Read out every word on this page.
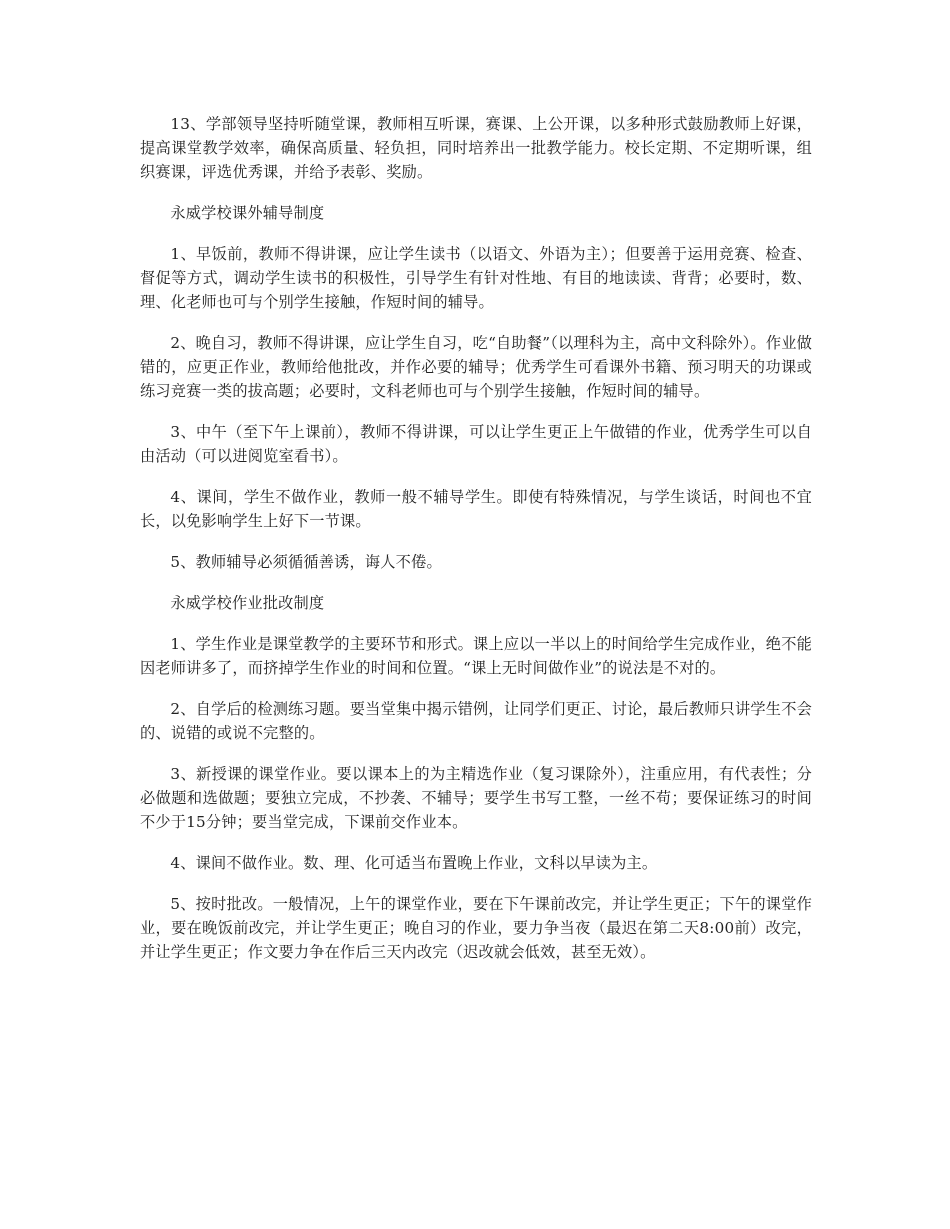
13、学部领导坚持听随堂课，教师相互听课，赛课、上公开课，以多种形式鼓励教师上好课，提高课堂教学效率，确保高质量、轻负担，同时培养出一批教学能力。校长定期、不定期听课，组织赛课，评选优秀课，并给予表彰、奖励。

永威学校课外辅导制度

1、早饭前，教师不得讲课，应让学生读书（以语文、外语为主）；但要善于运用竞赛、检查、督促等方式，调动学生读书的积极性，引导学生有针对性地、有目的地读读、背背；必要时，数、理、化老师也可与个别学生接触，作短时间的辅导。

2、晚自习，教师不得讲课，应让学生自习，吃“自助餐”（以理科为主，高中文科除外）。作业做错的，应更正作业，教师给他批改，并作必要的辅导；优秀学生可看课外书籍、预习明天的功课或练习竞赛一类的拔高题；必要时，文科老师也可与个别学生接触，作短时间的辅导。

3、中午（至下午上课前），教师不得讲课，可以让学生更正上午做错的作业，优秀学生可以自由活动（可以进阅览室看书）。

4、课间，学生不做作业，教师一般不辅导学生。即使有特殊情况，与学生谈话，时间也不宜长，以免影响学生上好下一节课。

5、教师辅导必须循循善诱，诲人不倦。

永威学校作业批改制度

1、学生作业是课堂教学的主要环节和形式。课上应以一半以上的时间给学生完成作业，绝不能因老师讲多了，而挤掉学生作业的时间和位置。“课上无时间做作业”的说法是不对的。

2、自学后的检测练习题。要当堂集中揭示错例，让同学们更正、讨论，最后教师只讲学生不会的、说错的或说不完整的。

3、新授课的课堂作业。要以课本上的为主精选作业（复习课除外），注重应用，有代表性；分必做题和选做题；要独立完成，不抄袭、不辅导；要学生书写工整，一丝不苟；要保证练习的时间不少于15分钟；要当堂完成，下课前交作业本。

4、课间不做作业。数、理、化可适当布置晚上作业，文科以早读为主。

5、按时批改。一般情况，上午的课堂作业，要在下午课前改完，并让学生更正；下午的课堂作业，要在晚饭前改完，并让学生更正；晚自习的作业，要力争当夜（最迟在第二天8:00前）改完，并让学生更正；作文要力争在作后三天内改完（迟改就会低效，甚至无效）。
